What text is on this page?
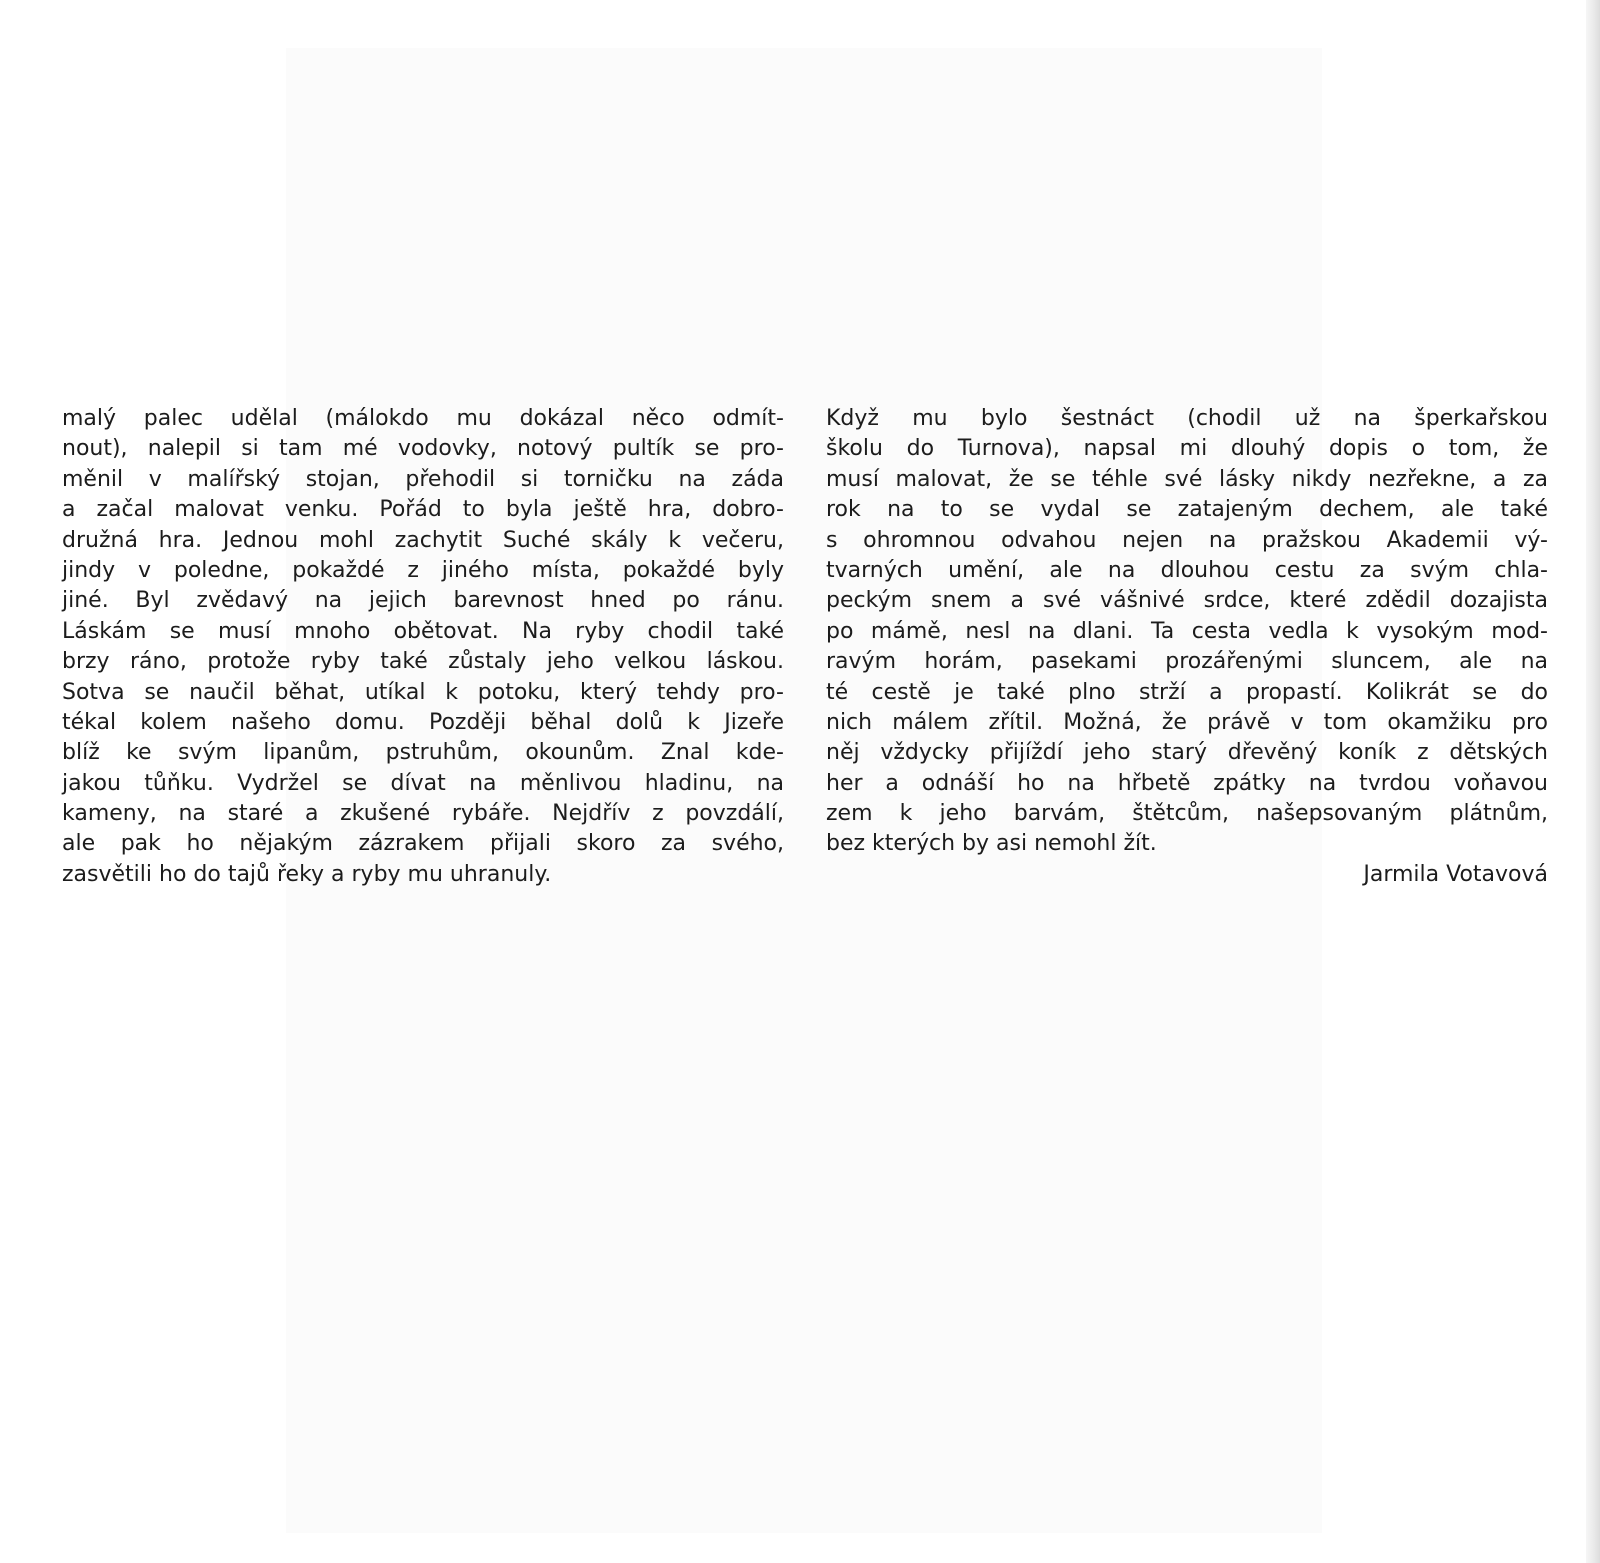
malý palec udělal (málokdo mu dokázal něco odmít-
nout), nalepil si tam mé vodovky, notový pultík se pro-
měnil v malířský stojan, přehodil si torničku na záda
a začal malovat venku. Pořád to byla ještě hra, dobro-
družná hra. Jednou mohl zachytit Suché skály k večeru,
jindy v poledne, pokaždé z jiného místa, pokaždé byly
jiné. Byl zvědavý na jejich barevnost hned po ránu.
Láskám se musí mnoho obětovat. Na ryby chodil také
brzy ráno, protože ryby také zůstaly jeho velkou láskou.
Sotva se naučil běhat, utíkal k potoku, který tehdy pro-
tékal kolem našeho domu. Později běhal dolů k Jizeře
blíž ke svým lipanům, pstruhům, okounům. Znal kde-
jakou tůňku. Vydržel se dívat na měnlivou hladinu, na
kameny, na staré a zkušené rybáře. Nejdřív z povzdálí,
ale pak ho nějakým zázrakem přijali skoro za svého,
zasvětili ho do tajů řeky a ryby mu uhranuly.
Když mu bylo šestnáct (chodil už na šperkařskou
školu do Turnova), napsal mi dlouhý dopis o tom, že
musí malovat, že se téhle své lásky nikdy nezřekne, a za
rok na to se vydal se zatajeným dechem, ale také
s ohromnou odvahou nejen na pražskou Akademii vý-
tvarných umění, ale na dlouhou cestu za svým chla-
peckým snem a své vášnivé srdce, které zdědil dozajista
po mámě, nesl na dlani. Ta cesta vedla k vysokým mod-
ravým horám, pasekami prozářenými sluncem, ale na
té cestě je také plno strží a propastí. Kolikrát se do
nich málem zřítil. Možná, že právě v tom okamžiku pro
něj vždycky přijíždí jeho starý dřevěný koník z dětských
her a odnáší ho na hřbetě zpátky na tvrdou voňavou
zem k jeho barvám, štětcům, našepsovaným plátnům,
bez kterých by asi nemohl žít.
Jarmila Votavová
